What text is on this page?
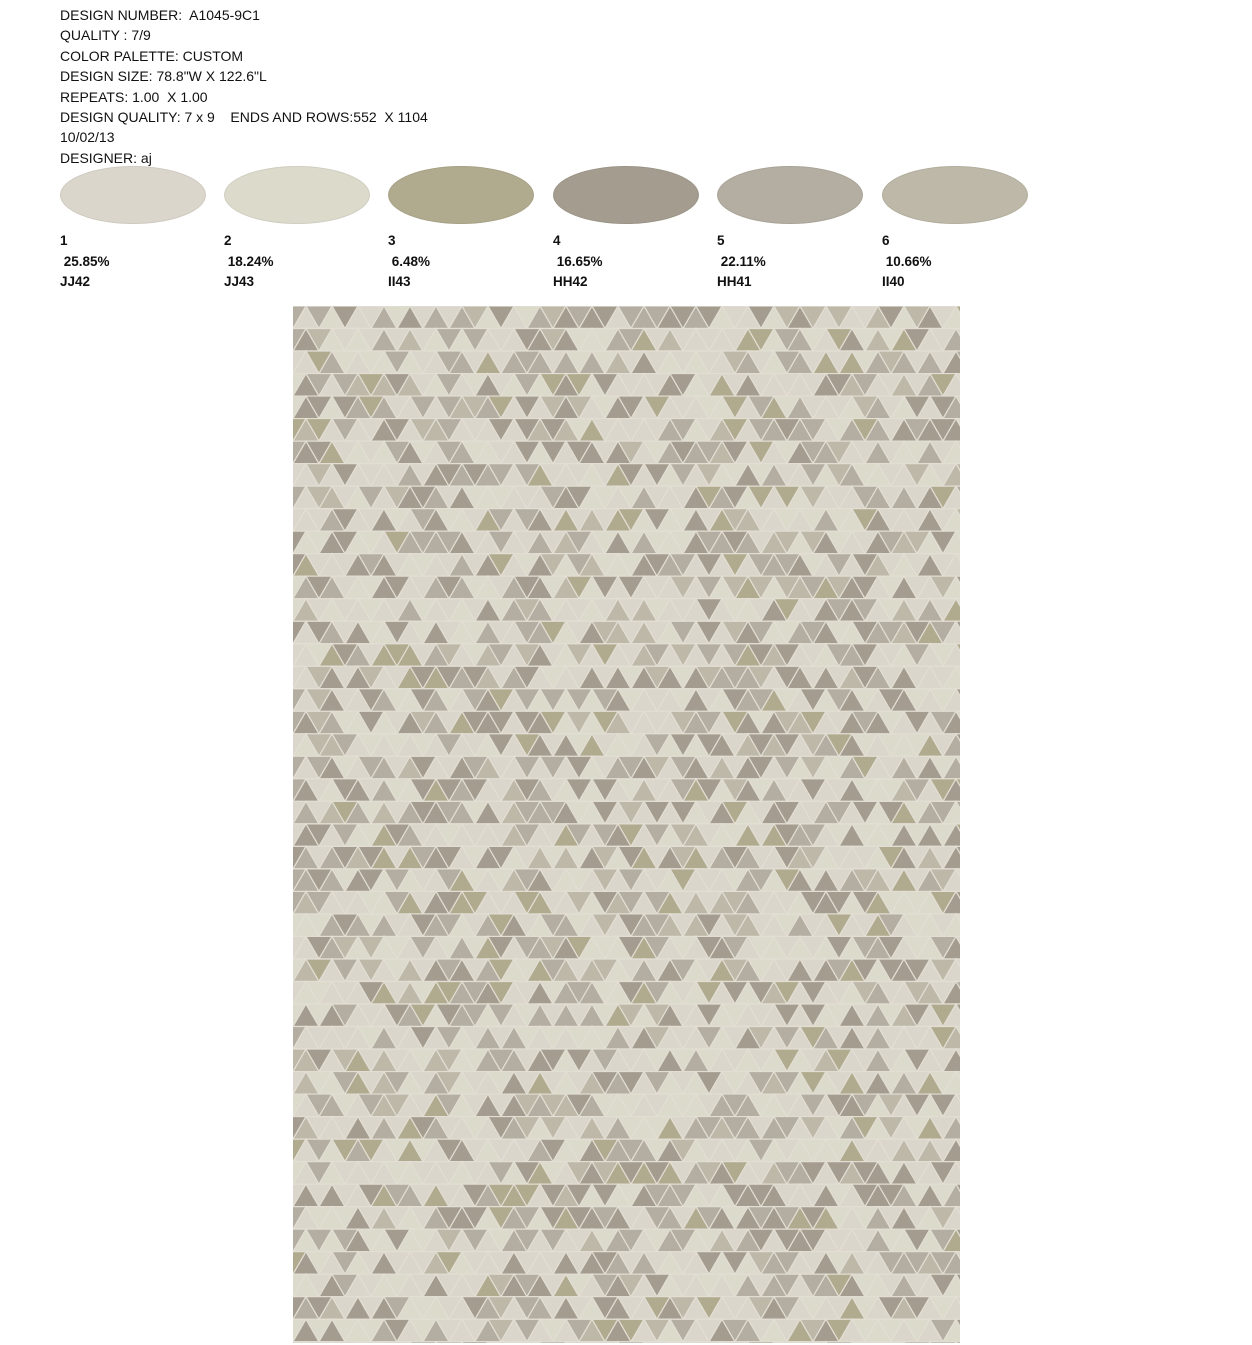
DESIGN NUMBER:  A1045-9C1
QUALITY : 7/9
COLOR PALETTE: CUSTOM
DESIGN SIZE: 78.8"W X 122.6"L
REPEATS: 1.00  X 1.00
DESIGN QUALITY: 7 x 9    ENDS AND ROWS:552  X 1104
10/02/13
DESIGNER: aj
1
25.85%
JJ42
2
18.24%
JJ43
3
6.48%
II43
4
16.65%
HH42
5
22.11%
HH41
6
10.66%
II40
